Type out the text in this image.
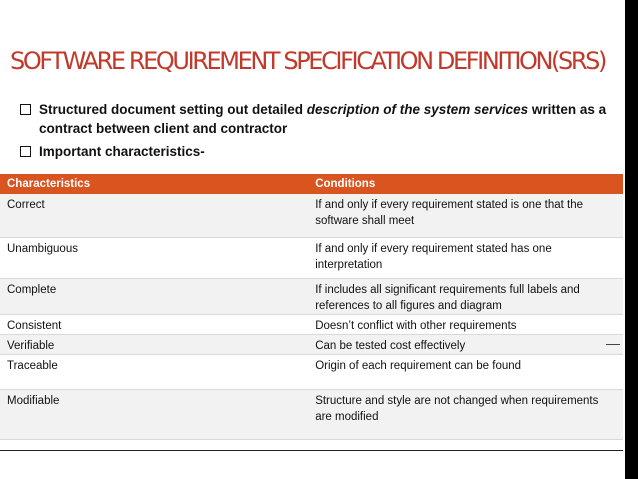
SOFTWARE REQUIREMENT SPECIFICATION DEFINITION(SRS)
Structured document setting out detailed description of the system services written as a contract between client and contractor
Important characteristics-
Characteristics	Conditions
Correct	If and only if every requirement stated is one that the software shall meet
Unambiguous	If and only if every requirement stated has one interpretation
Complete	If includes all significant requirements full labels and references to all figures and diagram
Consistent	Doesn’t conflict with other requirements
Verifiable	Can be tested cost effectively
Traceable	Origin of each requirement can be found
Modifiable	Structure and style are not changed when requirements are modified
